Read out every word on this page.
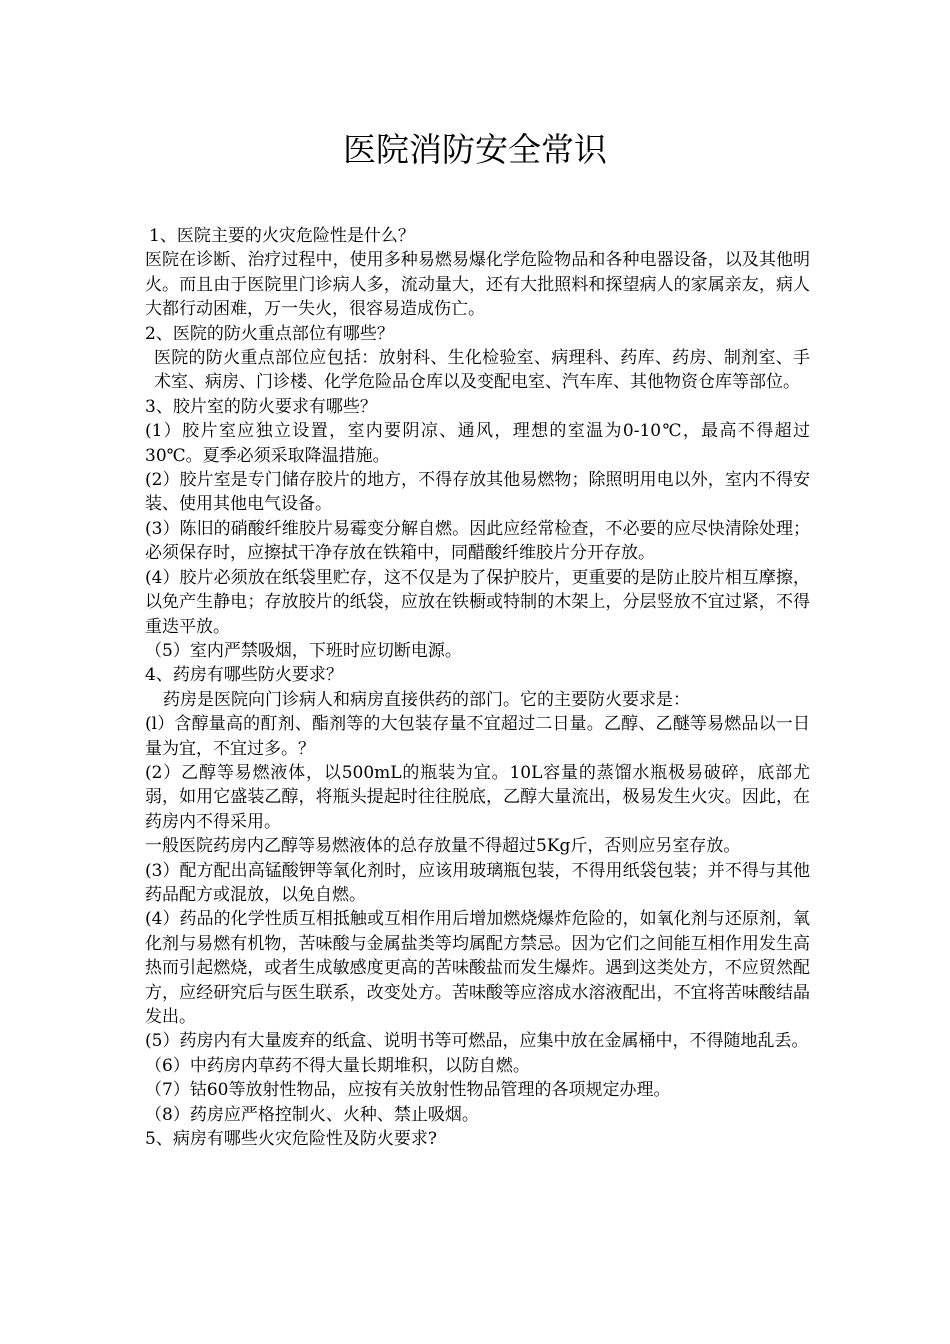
医院消防安全常识

1、医院主要的火灾危险性是什么？

医院在诊断、治疗过程中，使用多种易燃易爆化学危险物品和各种电器设备，以及其他明火。而且由于医院里门诊病人多，流动量大，还有大批照料和探望病人的家属亲友，病人大都行动困难，万一失火，很容易造成伤亡。

2、医院的防火重点部位有哪些？

医院的防火重点部位应包括：放射科、生化检验室、病理科、药库、药房、制剂室、手术室、病房、门诊楼、化学危险品仓库以及变配电室、汽车库、其他物资仓库等部位。

3、胶片室的防火要求有哪些？

(1）胶片室应独立设置，室内要阴凉、通风，理想的室温为0-10℃，最高不得超过30℃。夏季必须采取降温措施。

(2）胶片室是专门储存胶片的地方，不得存放其他易燃物；除照明用电以外，室内不得安装、使用其他电气设备。

(3）陈旧的硝酸纤维胶片易霉变分解自燃。因此应经常检查，不必要的应尽快清除处理；必须保存时，应擦拭干净存放在铁箱中，同醋酸纤维胶片分开存放。

(4）胶片必须放在纸袋里贮存，这不仅是为了保护胶片，更重要的是防止胶片相互摩擦，以免产生静电；存放胶片的纸袋，应放在铁橱或特制的木架上，分层竖放不宜过紧，不得重迭平放。

（5）室内严禁吸烟，下班时应切断电源。

4、药房有哪些防火要求？

药房是医院向门诊病人和病房直接供药的部门。它的主要防火要求是：

(l）含醇量高的酊剂、酯剂等的大包装存量不宜超过二日量。乙醇、乙醚等易燃品以一日量为宜，不宜过多。？

(2）乙醇等易燃液体，以500mL的瓶装为宜。10L容量的蒸馏水瓶极易破碎，底部尤弱，如用它盛装乙醇，将瓶头提起时往往脱底，乙醇大量流出，极易发生火灾。因此，在药房内不得采用。

一般医院药房内乙醇等易燃液体的总存放量不得超过5Kg斤，否则应另室存放。

(3）配方配出高锰酸钾等氧化剂时，应该用玻璃瓶包装，不得用纸袋包装；并不得与其他药品配方或混放，以免自燃。

(4）药品的化学性质互相抵触或互相作用后增加燃烧爆炸危险的，如氧化剂与还原剂，氧化剂与易燃有机物，苦味酸与金属盐类等均属配方禁忌。因为它们之间能互相作用发生高热而引起燃烧，或者生成敏感度更高的苦味酸盐而发生爆炸。遇到这类处方，不应贸然配方，应经研究后与医生联系，改变处方。苦味酸等应溶成水溶液配出，不宜将苦味酸结晶发出。

(5）药房内有大量废弃的纸盒、说明书等可燃品，应集中放在金属桶中，不得随地乱丢。

（6）中药房内草药不得大量长期堆积，以防自燃。

（7）钴60等放射性物品，应按有关放射性物品管理的各项规定办理。

（8）药房应严格控制火、火种、禁止吸烟。

5、病房有哪些火灾危险性及防火要求?
